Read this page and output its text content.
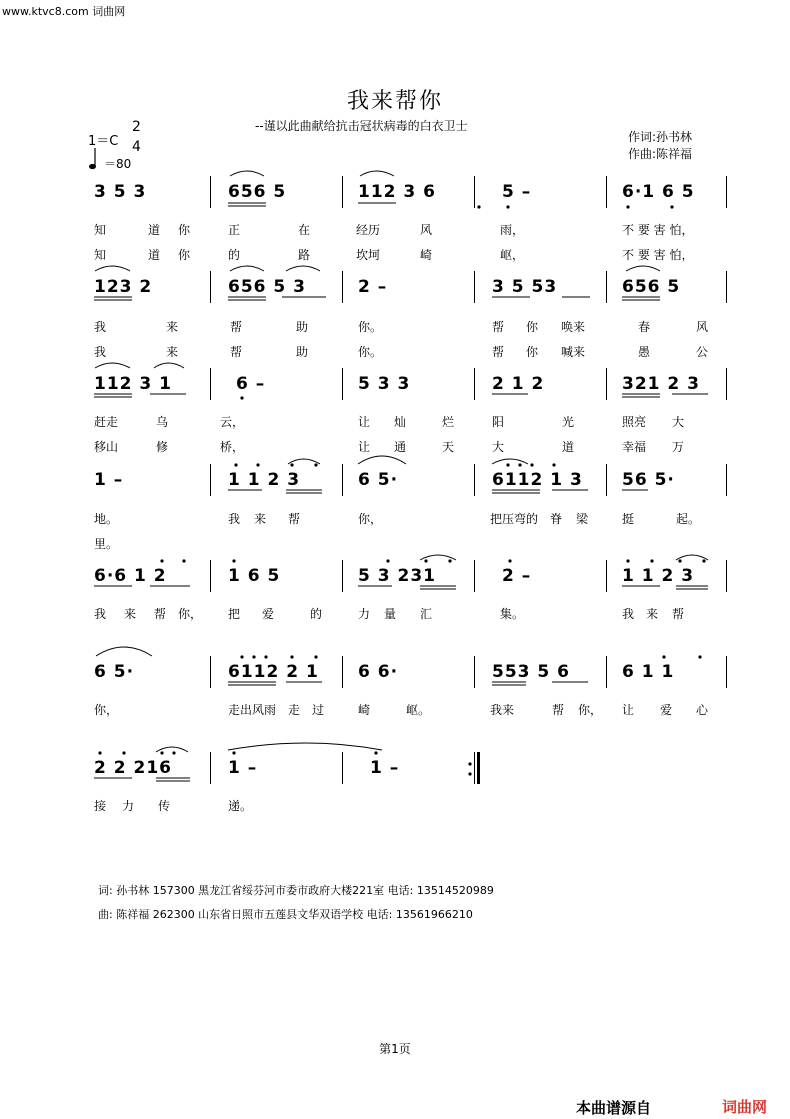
www.ktvc8.com 词曲网
我来帮你
--谨以此曲献给抗击冠状病毒的白衣卫士
作词:孙书林
作曲:陈祥福
1＝C
2
4
＝80
3 5 3	656 5	112 3 6	5 –	6·1 6 5
知	道 你	正	在	经历	风	雨，	不 要 害 怕，
知	道 你	的	路	坎坷	崎	岖，	不 要 害 怕，
123 2	656 5 3	2 –	3 5 53	656 5
我	来	帮	助	你。	帮 你 唤来	春	风
我	来	帮	助	你。	帮 你 喊来	愚	公
112 3 1	6 –	5 3 3	2 1 2	321 2 3
赶走	乌	云，	让 灿	烂	阳	光	照亮 大
移山	修	桥，	让 通	天	大	道	幸福 万
1 –	1 1 2 3	6 5·	6112 1 3 56 5·
地。	我 来 帮	你，	把压弯的 脊 梁	挺	起。
里。
6·6 1 2	1 6 5	5 3 231	2 –	1 1 2 3
我 来 帮 你， 把 爱	的	力 量 汇	集。	我 来 帮
6 5·	6112 2 1 6 6·	553 5 6	6 1 1
你，	走出风雨 走 过	崎	岖。	我来	帮 你， 让 爱 心
2 2 216	1 –	1 –
接 力 传	递。
词: 孙书林 157300 黑龙江省绥芬河市委市政府大楼221室 电话: 13514520989
曲: 陈祥福 262300 山东省日照市五莲县文华双语学校 电话: 13561966210
第1页
本曲谱源自	词曲网
